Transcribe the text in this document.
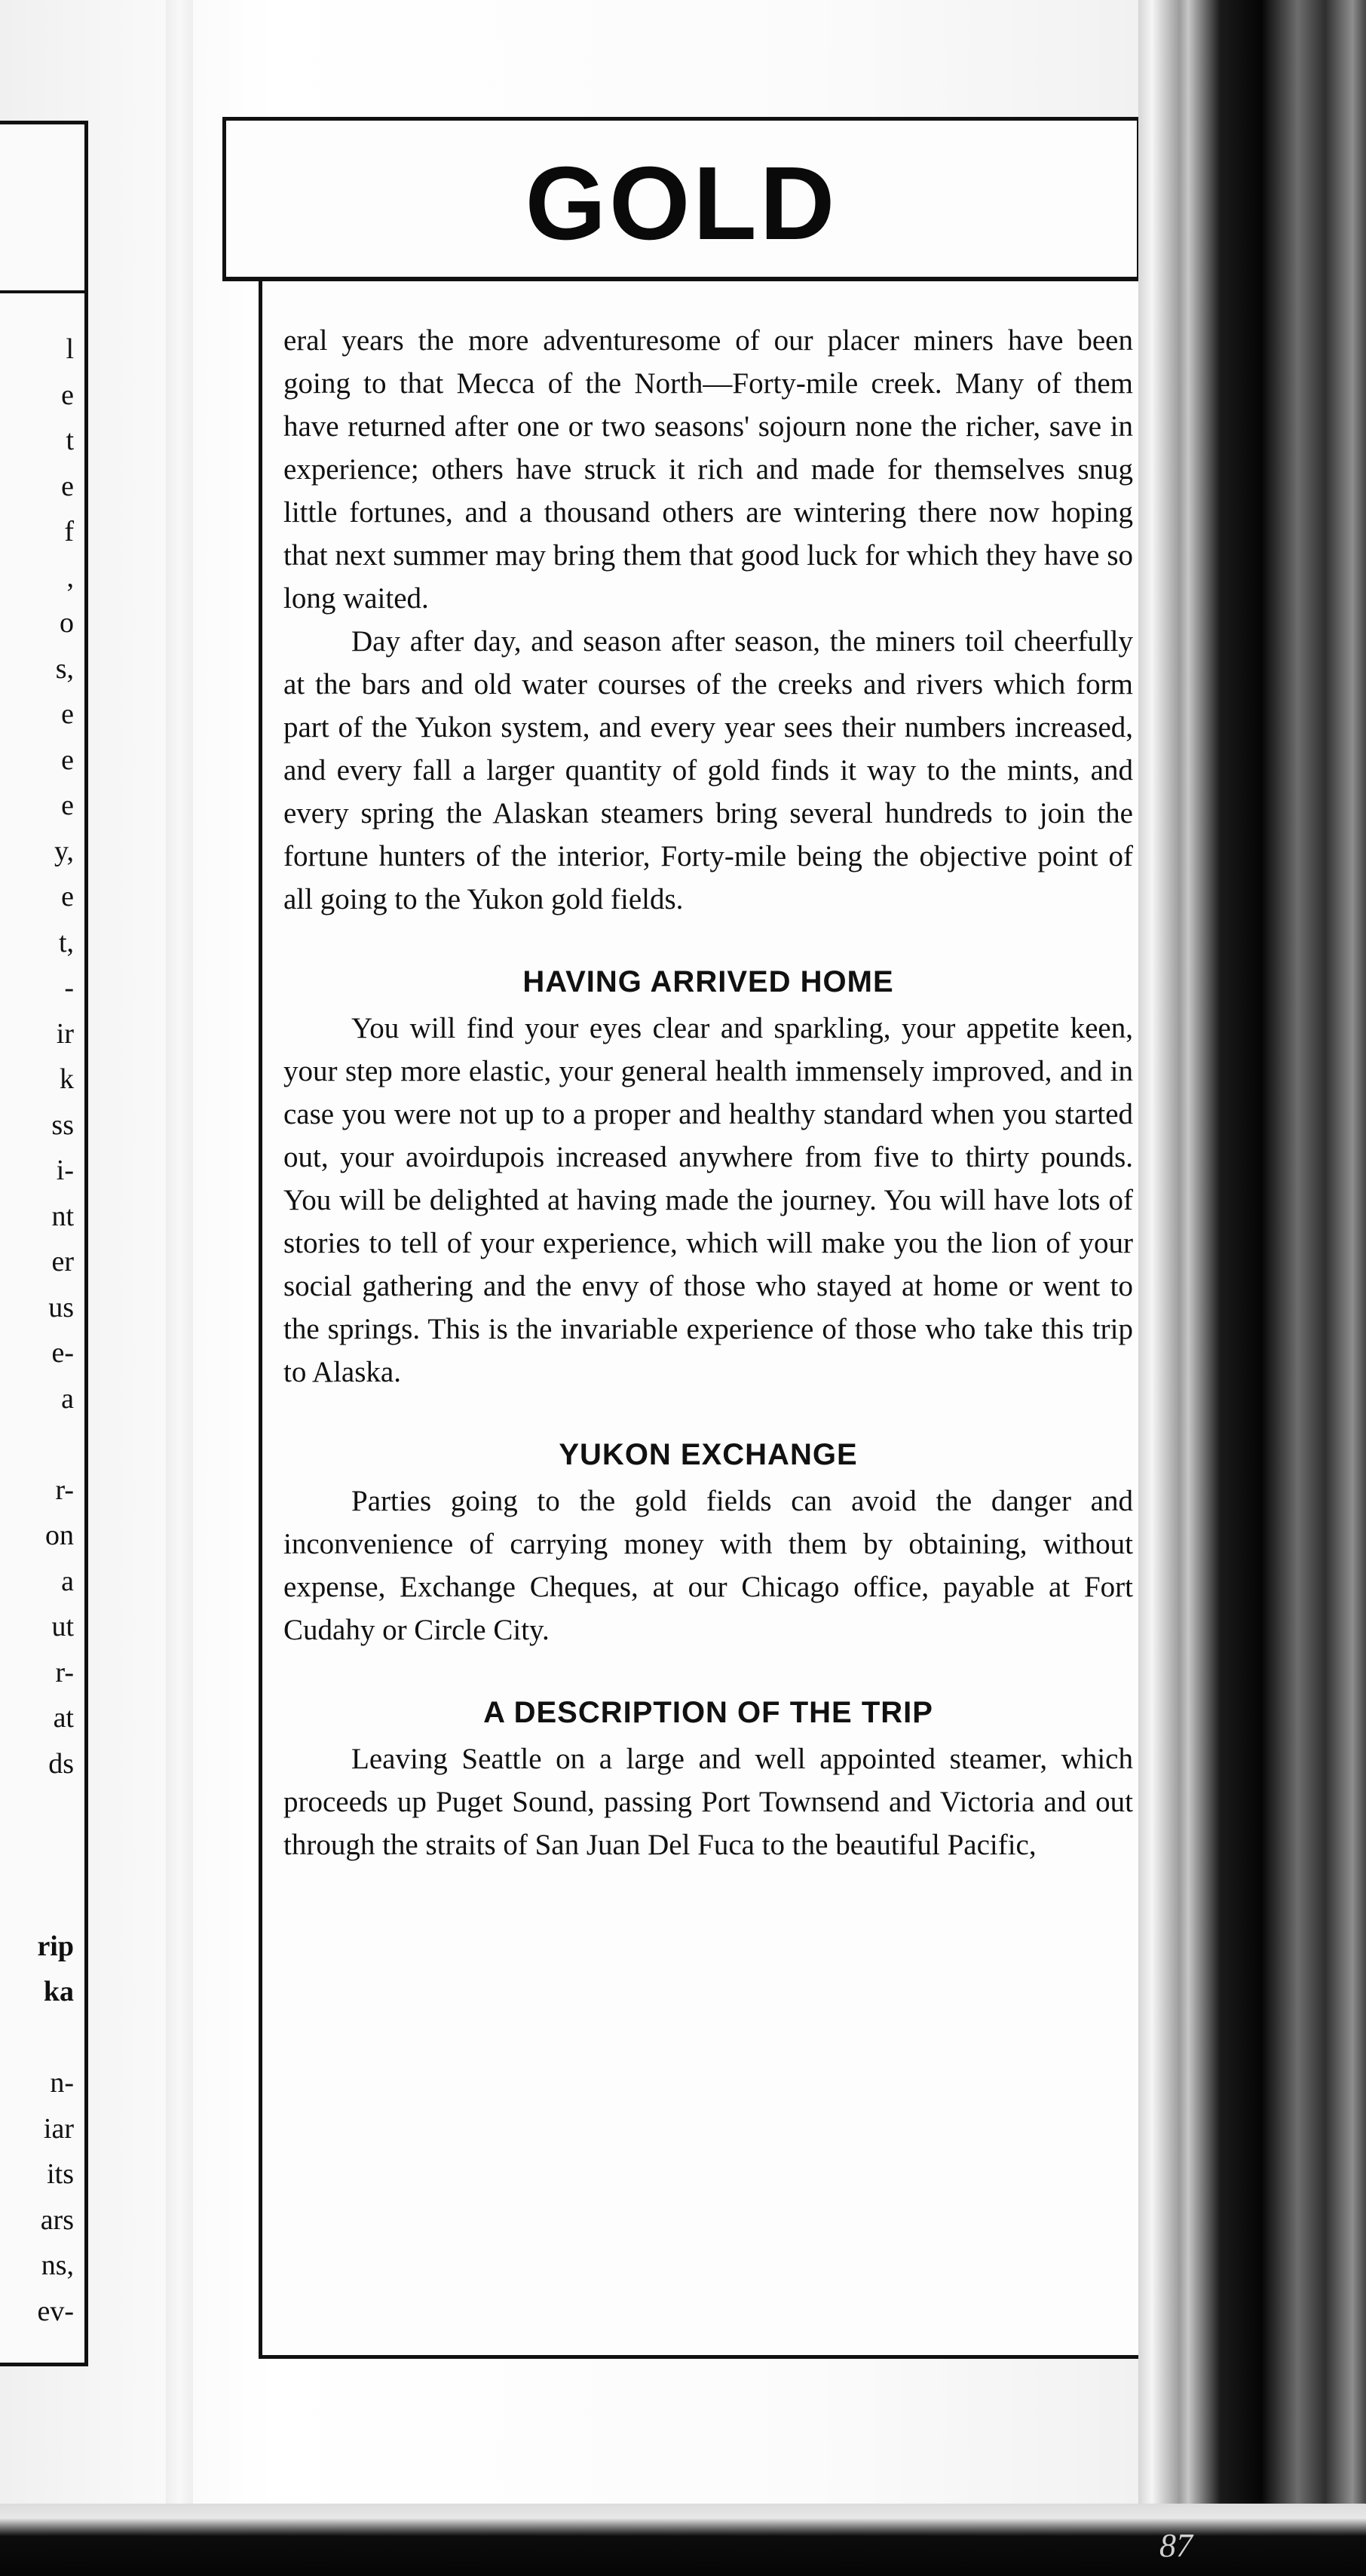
l
e
t
e
f
,
o
s,
e
e
e
y,
e
t,
-
ir
k
ss
i-
nt
er
us
e-
a
r-
on
a
ut
r-
at
ds
rip
ka
n-
iar
its
ars
ns,
ev-
GOLD

eral years the more adventuresome of our placer miners have been going to that Mecca of the North—Forty-mile creek. Many of them have returned after one or two seasons' sojourn none the richer, save in experience; others have struck it rich and made for themselves snug little fortunes, and a thousand others are wintering there now hoping that next summer may bring them that good luck for which they have so long waited.

Day after day, and season after season, the miners toil cheerfully at the bars and old water courses of the creeks and rivers which form part of the Yukon system, and every year sees their numbers increased, and every fall a larger quantity of gold finds it way to the mints, and every spring the Alaskan steamers bring several hundreds to join the fortune hunters of the interior, Forty-mile being the objective point of all going to the Yukon gold fields.

HAVING ARRIVED HOME

You will find your eyes clear and sparkling, your appetite keen, your step more elastic, your general health immensely improved, and in case you were not up to a proper and healthy standard when you started out, your avoirdupois increased anywhere from five to thirty pounds. You will be delighted at having made the journey. You will have lots of stories to tell of your experience, which will make you the lion of your social gathering and the envy of those who stayed at home or went to the springs. This is the invariable experience of those who take this trip to Alaska.

YUKON EXCHANGE

Parties going to the gold fields can avoid the danger and inconvenience of carrying money with them by obtaining, without expense, Exchange Cheques, at our Chicago office, payable at Fort Cudahy or Circle City.

A DESCRIPTION OF THE TRIP

Leaving Seattle on a large and well appointed steamer, which proceeds up Puget Sound, passing Port Townsend and Victoria and out through the straits of San Juan Del Fuca to the beautiful Pacific,

87
